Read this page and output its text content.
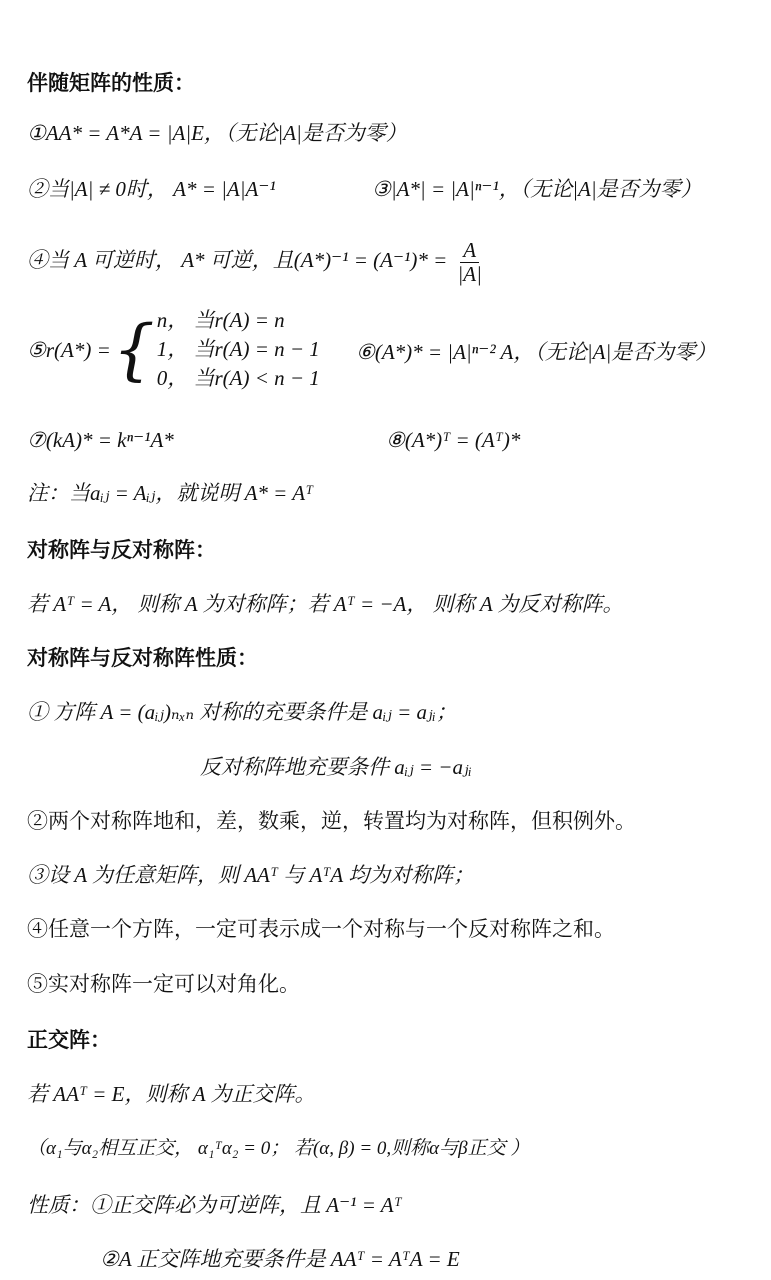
伴随矩阵的性质：
①AA* = A*A = |A|E，（无论|A|是否为零）
②当|A| ≠ 0时， A* = |A|A⁻¹	③|A*| = |A|ⁿ⁻¹，（无论|A|是否为零）
④当 A 可逆时， A* 可逆，且$(A*)^{-1} = (A^{-1})* = \frac{A}{|A|}$
⑤r(A*) = { n， 当r(A) = n
1， 当r(A) = n − 1
0， 当r(A) < n − 1
⑥(A*)* = |A|ⁿ⁻² A，（无论|A|是否为零）
⑦(kA)* = kⁿ⁻¹A*	⑧(A*)ᵀ = (Aᵀ)*
注：当aᵢⱼ = Aᵢⱼ，就说明 A* = Aᵀ
对称阵与反对称阵：
若 Aᵀ = A， 则称 A 为对称阵；若 Aᵀ = −A， 则称 A 为反对称阵。
对称阵与反对称阵性质：
① 方阵 A = (aᵢⱼ)ₙₓₙ 对称的充要条件是 aᵢⱼ = aⱼᵢ；
反对称阵地充要条件 aᵢⱼ = −aⱼᵢ
②两个对称阵地和，差，数乘，逆，转置均为对称阵，但积例外。
③设 A 为任意矩阵，则 AAᵀ 与 AᵀA 均为对称阵；
④任意一个方阵，一定可表示成一个对称与一个反对称阵之和。
⑤实对称阵一定可以对角化。
正交阵：
若 AAᵀ = E，则称 A 为正交阵。
（α₁与α₂相互正交， α₁ᵀα₂ = 0； 若(α, β) = 0,则称α与β正交 ）
性质：①正交阵必为可逆阵，且 A⁻¹ = Aᵀ
②A 正交阵地充要条件是 AAᵀ = AᵀA = E
